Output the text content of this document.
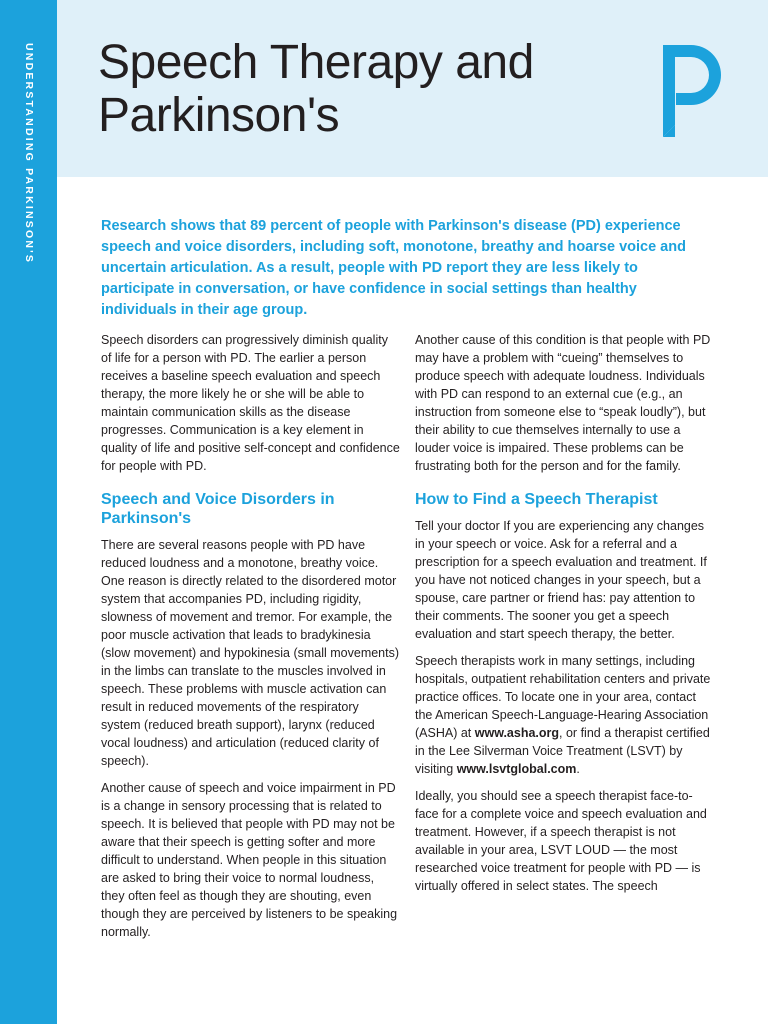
UNDERSTANDING PARKINSON'S Speech Therapy and
Parkinson's

Research shows that 89 percent of people with Parkinson's disease (PD) experience speech and voice disorders, including soft, monotone, breathy and hoarse voice and uncertain articulation. As a result, people with PD report they are less likely to participate in conversation, or have confidence in social settings than healthy individuals in their age group.

Speech disorders can progressively diminish quality of life for a person with PD. The earlier a person receives a baseline speech evaluation and speech therapy, the more likely he or she will be able to maintain communication skills as the disease progresses. Communication is a key element in quality of life and positive self-concept and confidence for people with PD.

Speech and Voice Disorders in Parkinson's

There are several reasons people with PD have reduced loudness and a monotone, breathy voice. One reason is directly related to the disordered motor system that accompanies PD, including rigidity, slowness of movement and tremor. For example, the poor muscle activation that leads to bradykinesia (slow movement) and hypokinesia (small movements) in the limbs can translate to the muscles involved in speech. These problems with muscle activation can result in reduced movements of the respiratory system (reduced breath support), larynx (reduced vocal loudness) and articulation (reduced clarity of speech).

Another cause of speech and voice impairment in PD is a change in sensory processing that is related to speech. It is believed that people with PD may not be aware that their speech is getting softer and more difficult to understand. When people in this situation are asked to bring their voice to normal loudness, they often feel as though they are shouting, even though they are perceived by listeners to be speaking normally.

Another cause of this condition is that people with PD may have a problem with “cueing” themselves to produce speech with adequate loudness. Individuals with PD can respond to an external cue (e.g., an instruction from someone else to “speak loudly”), but their ability to cue themselves internally to use a louder voice is impaired. These problems can be frustrating both for the person and for the family.

How to Find a Speech Therapist

Tell your doctor If you are experiencing any changes in your speech or voice. Ask for a referral and a prescription for a speech evaluation and treatment. If you have not noticed changes in your speech, but a spouse, care partner or friend has: pay attention to their comments. The sooner you get a speech evaluation and start speech therapy, the better.

Speech therapists work in many settings, including hospitals, outpatient rehabilitation centers and private practice offices. To locate one in your area, contact the American Speech-Language-Hearing Association (ASHA) at www.asha.org, or find a therapist certified in the Lee Silverman Voice Treatment (LSVT) by visiting www.lsvtglobal.com.

Ideally, you should see a speech therapist face-to-face for a complete voice and speech evaluation and treatment. However, if a speech therapist is not available in your area, LSVT LOUD — the most researched voice treatment for people with PD — is virtually offered in select states. The speech
